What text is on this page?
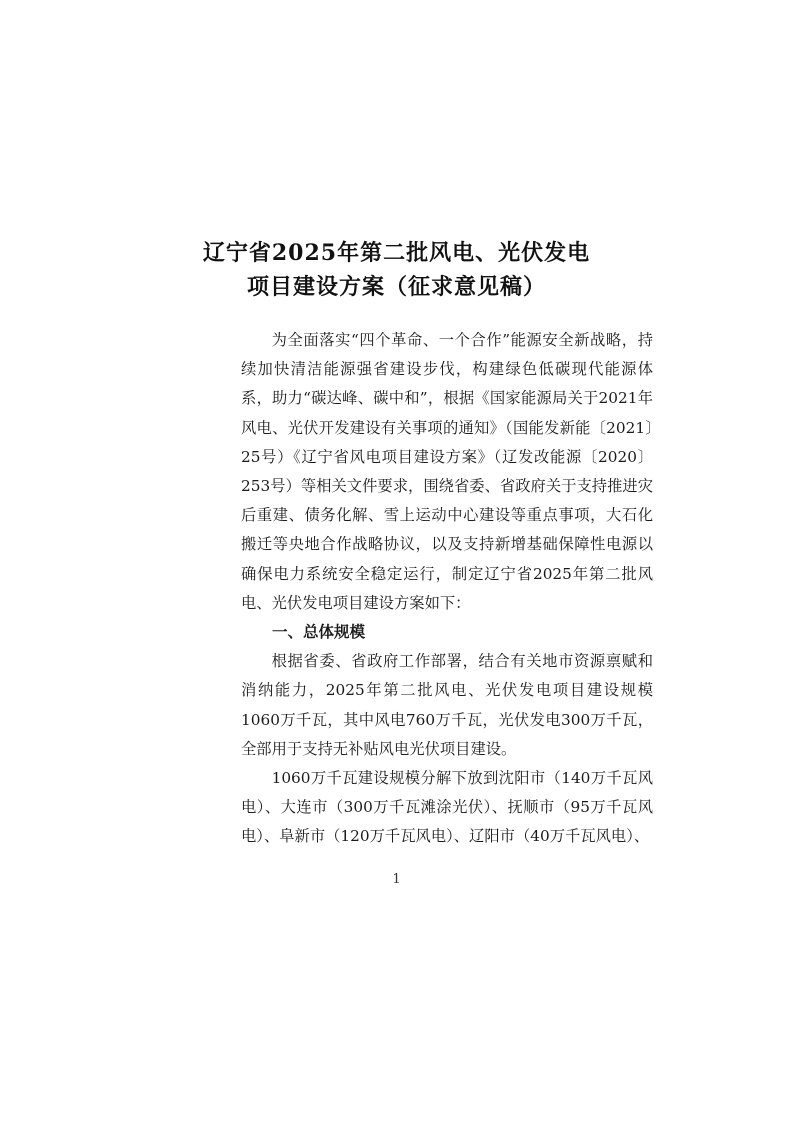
辽宁省2025年第二批风电、光伏发电
项目建设方案（征求意见稿）

为全面落实“四个革命、一个合作”能源安全新战略，持续加快清洁能源强省建设步伐，构建绿色低碳现代能源体系，助力“碳达峰、碳中和”，根据《国家能源局关于2021年风电、光伏开发建设有关事项的通知》（国能发新能〔2021〕25号）《辽宁省风电项目建设方案》（辽发改能源〔2020〕253号）等相关文件要求，围绕省委、省政府关于支持推进灾后重建、债务化解、雪上运动中心建设等重点事项，大石化搬迁等央地合作战略协议，以及支持新增基础保障性电源以确保电力系统安全稳定运行，制定辽宁省2025年第二批风电、光伏发电项目建设方案如下：

一、总体规模

根据省委、省政府工作部署，结合有关地市资源禀赋和消纳能力，2025年第二批风电、光伏发电项目建设规模1060万千瓦，其中风电760万千瓦，光伏发电300万千瓦，全部用于支持无补贴风电光伏项目建设。

1060万千瓦建设规模分解下放到沈阳市（140万千瓦风电）、大连市（300万千瓦滩涂光伏）、抚顺市（95万千瓦风电）、阜新市（120万千瓦风电）、辽阳市（40万千瓦风电）、

1
